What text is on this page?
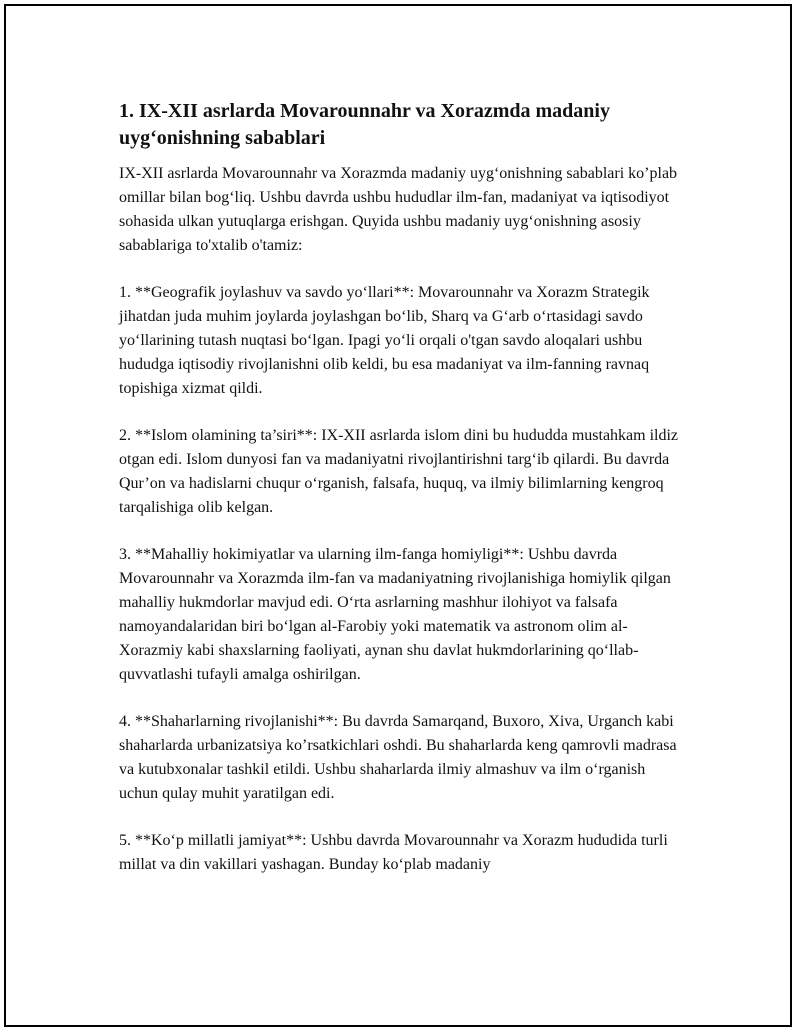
1. IX-XII asrlarda Movarounnahr va Xorazmda madaniy uyg‘onishning sabablari

IX-XII asrlarda Movarounnahr va Xorazmda madaniy uyg‘onishning sabablari ko’plab omillar bilan bog‘liq. Ushbu davrda ushbu hududlar ilm-fan, madaniyat va iqtisodiyot sohasida ulkan yutuqlarga erishgan. Quyida ushbu madaniy uyg‘onishning asosiy sabablariga to'xtalib o'tamiz:

1. **Geografik joylashuv va savdo yo‘llari**: Movarounnahr va Xorazm Strategik jihatdan juda muhim joylarda joylashgan bo‘lib, Sharq va G‘arb o‘rtasidagi savdo yo‘llarining tutash nuqtasi bo‘lgan. Ipagi yo‘li orqali o'tgan savdo aloqalari ushbu hududga iqtisodiy rivojlanishni olib keldi, bu esa madaniyat va ilm-fanning ravnaq topishiga xizmat qildi.

2. **Islom olamining ta’siri**: IX-XII asrlarda islom dini bu hududda mustahkam ildiz otgan edi. Islom dunyosi fan va madaniyatni rivojlantirishni targ‘ib qilardi. Bu davrda Qur’on va hadislarni chuqur o‘rganish, falsafa, huquq, va ilmiy bilimlarning kengroq tarqalishiga olib kelgan.

3. **Mahalliy hokimiyatlar va ularning ilm-fanga homiyligi**: Ushbu davrda Movarounnahr va Xorazmda ilm-fan va madaniyatning rivojlanishiga homiylik qilgan mahalliy hukmdorlar mavjud edi. O‘rta asrlarning mashhur ilohiyot va falsafa namoyandalaridan biri bo‘lgan al-Farobiy yoki matematik va astronom olim al-Xorazmiy kabi shaxslarning faoliyati, aynan shu davlat hukmdorlarining qo‘llab-quvvatlashi tufayli amalga oshirilgan.

4. **Shaharlarning rivojlanishi**: Bu davrda Samarqand, Buxoro, Xiva, Urganch kabi shaharlarda urbanizatsiya ko’rsatkichlari oshdi. Bu shaharlarda keng qamrovli madrasa va kutubxonalar tashkil etildi. Ushbu shaharlarda ilmiy almashuv va ilm o‘rganish uchun qulay muhit yaratilgan edi.

5. **Ko‘p millatli jamiyat**: Ushbu davrda Movarounnahr va Xorazm hududida turli millat va din vakillari yashagan. Bunday ko‘plab madaniy
